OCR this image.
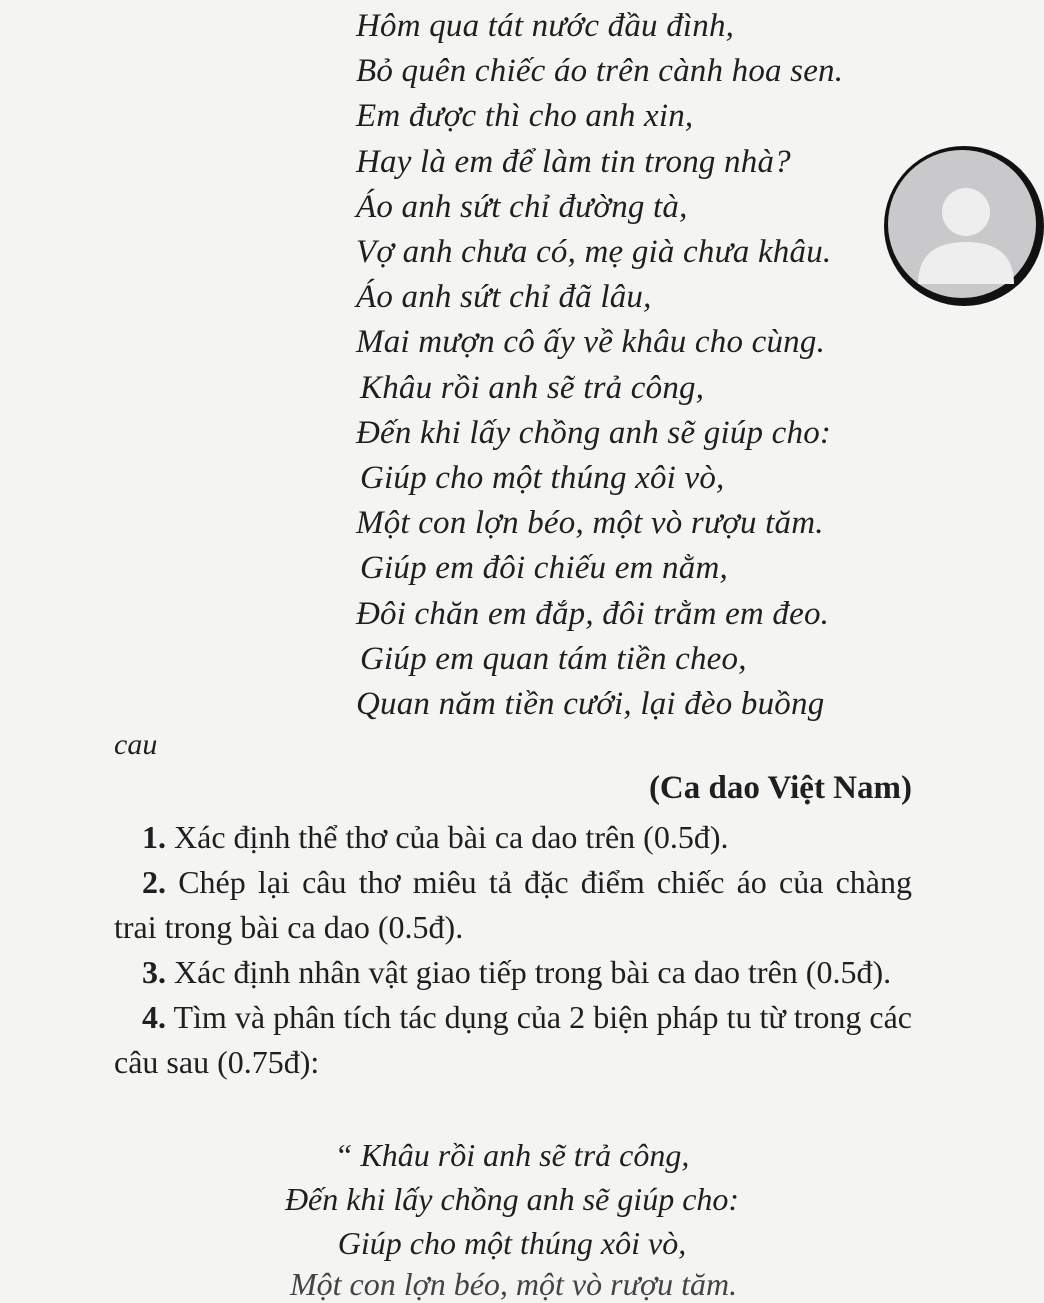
Hôm qua tát nước đầu đình,

Bỏ quên chiếc áo trên cành hoa sen.

Em được thì cho anh xin,

Hay là em để làm tin trong nhà?

Áo anh sứt chỉ đường tà,

Vợ anh chưa có, mẹ già chưa khâu.

Áo anh sứt chỉ đã lâu,

Mai mượn cô ấy về khâu cho cùng.

Khâu rồi anh sẽ trả công,

Đến khi lấy chồng anh sẽ giúp cho:

Giúp cho một thúng xôi vò,

Một con lợn béo, một vò rượu tăm.

Giúp em đôi chiếu em nằm,

Đôi chăn em đắp, đôi trằm em đeo.

Giúp em quan tám tiền cheo,

Quan năm tiền cưới, lại đèo buồng

cau

(Ca dao Việt Nam)

1. Xác định thể thơ của bài ca dao trên (0.5đ).

2. Chép lại câu thơ miêu tả đặc điểm chiếc áo của chàng trai trong bài ca dao (0.5đ).

3. Xác định nhân vật giao tiếp trong bài ca dao trên (0.5đ).

4. Tìm và phân tích tác dụng của 2 biện pháp tu từ trong các câu sau (0.75đ):

“ Khâu rồi anh sẽ trả công,

Đến khi lấy chồng anh sẽ giúp cho:

Giúp cho một thúng xôi vò,

Một con lợn béo, một vò rượu tăm.
